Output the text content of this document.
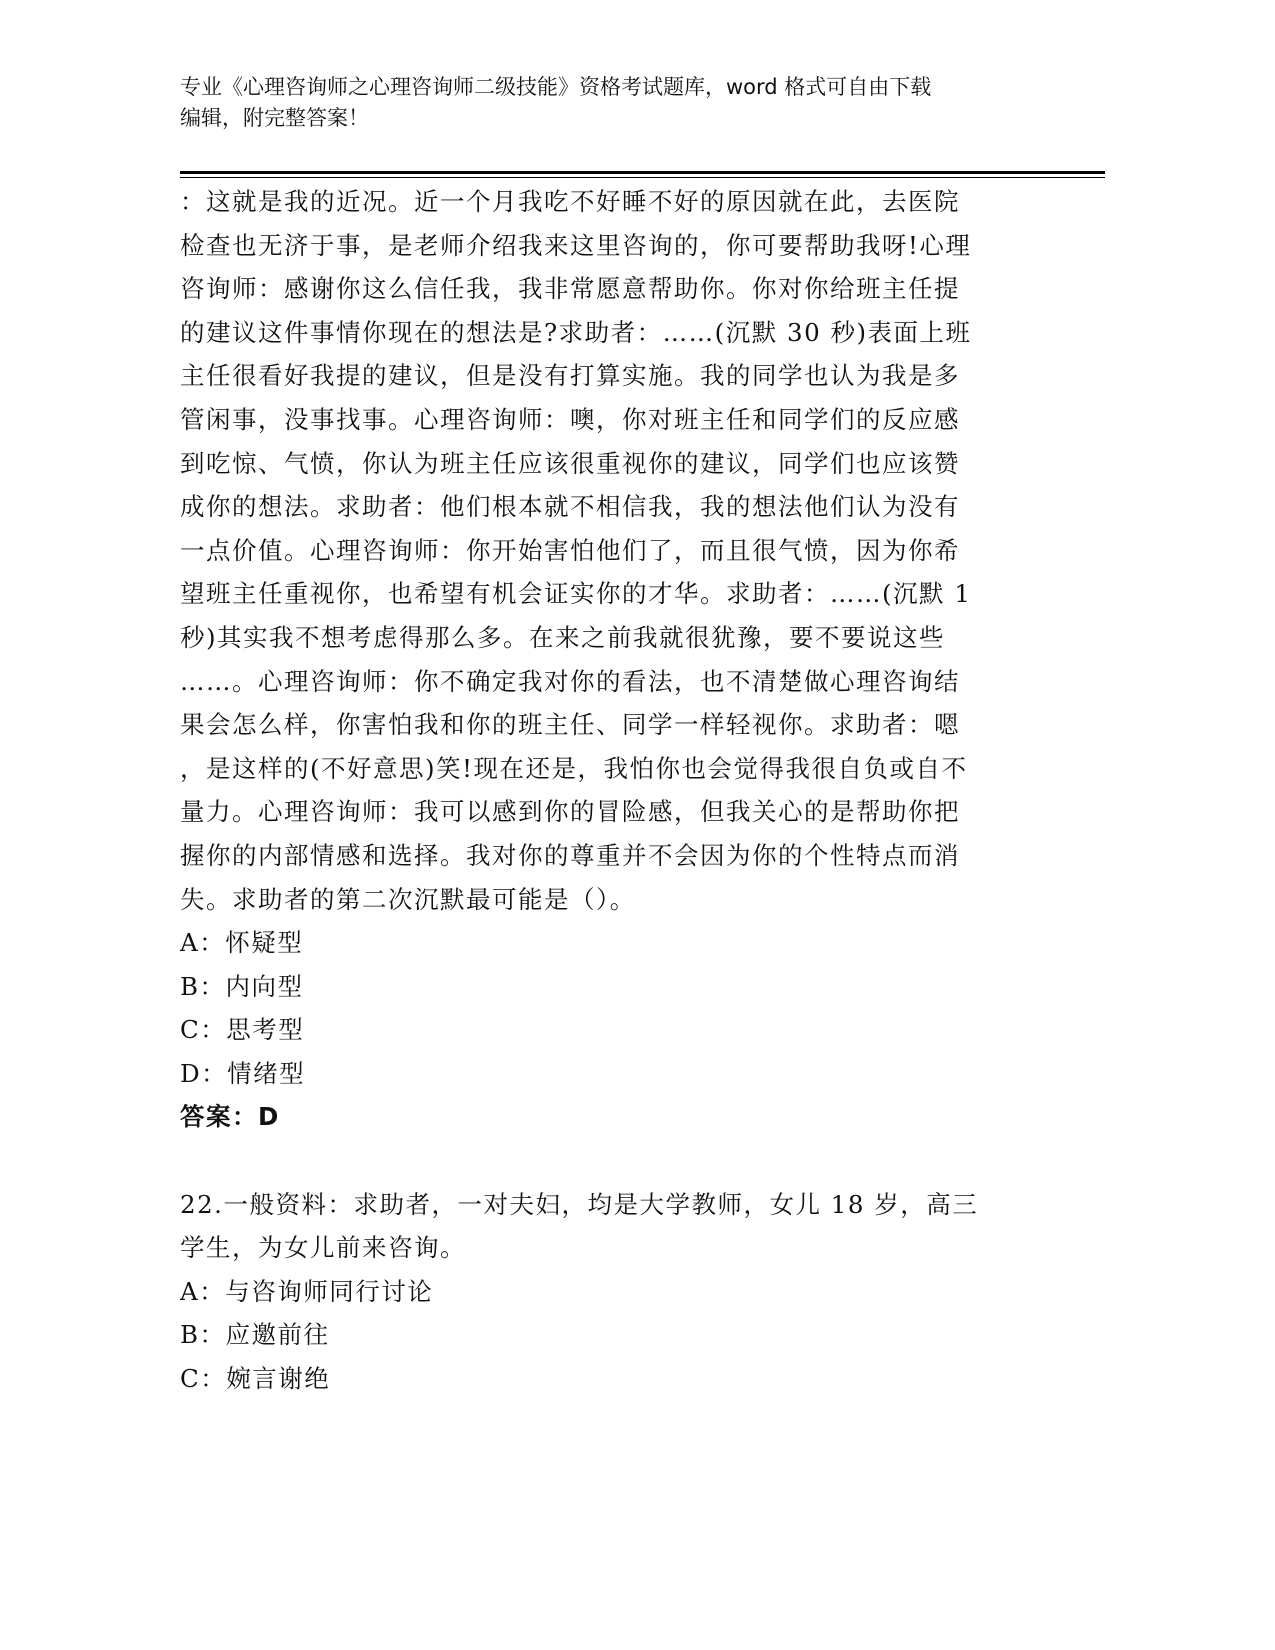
专业《心理咨询师之心理咨询师二级技能》资格考试题库，word 格式可自由下载
编辑，附完整答案！
：这就是我的近况。近一个月我吃不好睡不好的原因就在此，去医院
检查也无济于事，是老师介绍我来这里咨询的，你可要帮助我呀!心理
咨询师：感谢你这么信任我，我非常愿意帮助你。你对你给班主任提
的建议这件事情你现在的想法是?求助者：……(沉默 30 秒)表面上班
主任很看好我提的建议，但是没有打算实施。我的同学也认为我是多
管闲事，没事找事。心理咨询师：噢，你对班主任和同学们的反应感
到吃惊、气愤，你认为班主任应该很重视你的建议，同学们也应该赞
成你的想法。求助者：他们根本就不相信我，我的想法他们认为没有
一点价值。心理咨询师：你开始害怕他们了，而且很气愤，因为你希
望班主任重视你，也希望有机会证实你的才华。求助者：……(沉默 1
秒)其实我不想考虑得那么多。在来之前我就很犹豫，要不要说这些
……。心理咨询师：你不确定我对你的看法，也不清楚做心理咨询结
果会怎么样，你害怕我和你的班主任、同学一样轻视你。求助者：嗯
，是这样的(不好意思)笑!现在还是，我怕你也会觉得我很自负或自不
量力。心理咨询师：我可以感到你的冒险感，但我关心的是帮助你把
握你的内部情感和选择。我对你的尊重并不会因为你的个性特点而消
失。求助者的第二次沉默最可能是（）。
A：怀疑型
B：内向型
C：思考型
D：情绪型
答案：D
22.一般资料：求助者，一对夫妇，均是大学教师，女儿 18 岁，高三
学生，为女儿前来咨询。
A：与咨询师同行讨论
B：应邀前往
C：婉言谢绝
